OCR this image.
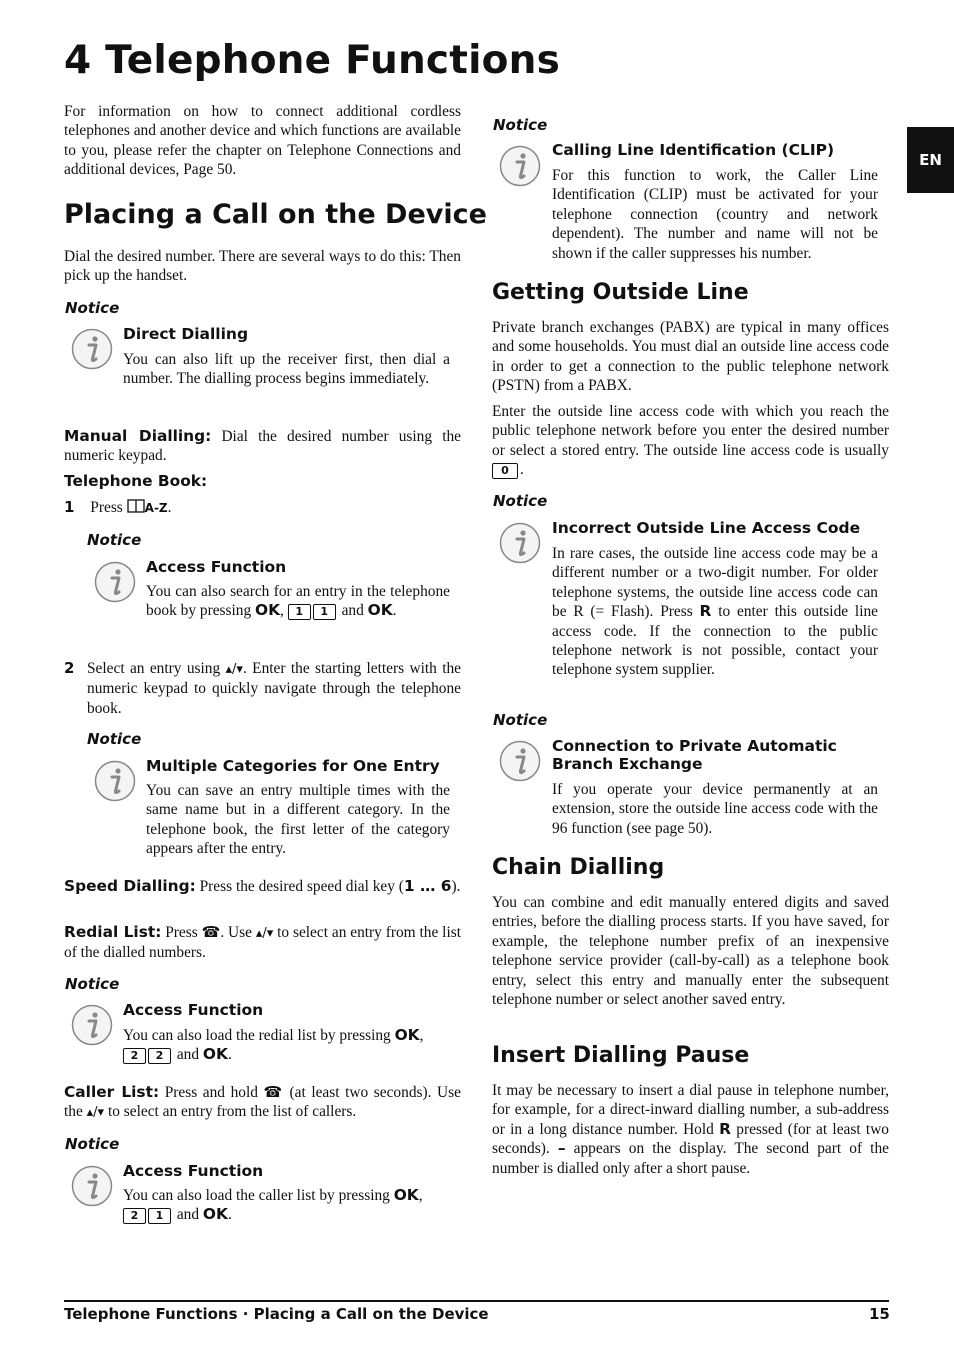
4 Telephone Functions
EN
For information on how to connect additional cordless telephones and another device and which functions are available to you, please refer the chapter on Telephone Connections and additional devices, Page 50.
Placing a Call on the Device
Dial the desired number. There are several ways to do this: Then pick up the handset.
Notice
Direct Dialling
You can also lift up the receiver first, then dial a number. The dialling process begins immediately.
Manual Dialling: Dial the desired number using the numeric keypad.
Telephone Book:
1 Press A-Z.
Notice
Access Function
You can also search for an entry in the telephone book by pressing OK, 1 1 and OK.
2 Select an entry using ▴/▾. Enter the starting letters with the numeric keypad to quickly navigate through the telephone book.
Notice
Multiple Categories for One Entry
You can save an entry multiple times with the same name but in a different category. In the telephone book, the first letter of the category appears after the entry.
Speed Dialling: Press the desired speed dial key (1 … 6).
Redial List: Press ☎. Use ▴/▾ to select an entry from the list of the dialled numbers.
Notice
Access Function
You can also load the redial list by pressing OK,
2 2 and OK.
Caller List: Press and hold ☎ (at least two seconds). Use the ▴/▾ to select an entry from the list of callers.
Notice
Access Function
You can also load the caller list by pressing OK,
2 1 and OK.
Notice
Calling Line Identification (CLIP)
For this function to work, the Caller Line Identification (CLIP) must be activated for your telephone connection (country and network dependent). The number and name will not be shown if the caller suppresses his number.
Getting Outside Line
Private branch exchanges (PABX) are typical in many offices and some households. You must dial an outside line access code in order to get a connection to the public telephone network (PSTN) from a PABX.
Enter the outside line access code with which you reach the public telephone network before you enter the desired number or select a stored entry. The outside line access code is usually 0 .
Notice
Incorrect Outside Line Access Code
In rare cases, the outside line access code may be a different number or a two-digit number. For older telephone systems, the outside line access code can be R (= Flash). Press R to enter this outside line access code. If the connection to the public telephone network is not possible, contact your telephone system supplier.
Notice
Connection to Private Automatic Branch Exchange
If you operate your device permanently at an extension, store the outside line access code with the 96 function (see page 50).
Chain Dialling
You can combine and edit manually entered digits and saved entries, before the dialling process starts. If you have saved, for example, the telephone number prefix of an inexpensive telephone service provider (call-by-call) as a telephone book entry, select this entry and manually enter the subsequent telephone number or select another saved entry.
Insert Dialling Pause
It may be necessary to insert a dial pause in telephone number, for example, for a direct-inward dialling number, a sub-address or in a long distance number. Hold R pressed (for at least two seconds). – appears on the display. The second part of the number is dialled only after a short pause.
Telephone Functions · Placing a Call on the Device	15
